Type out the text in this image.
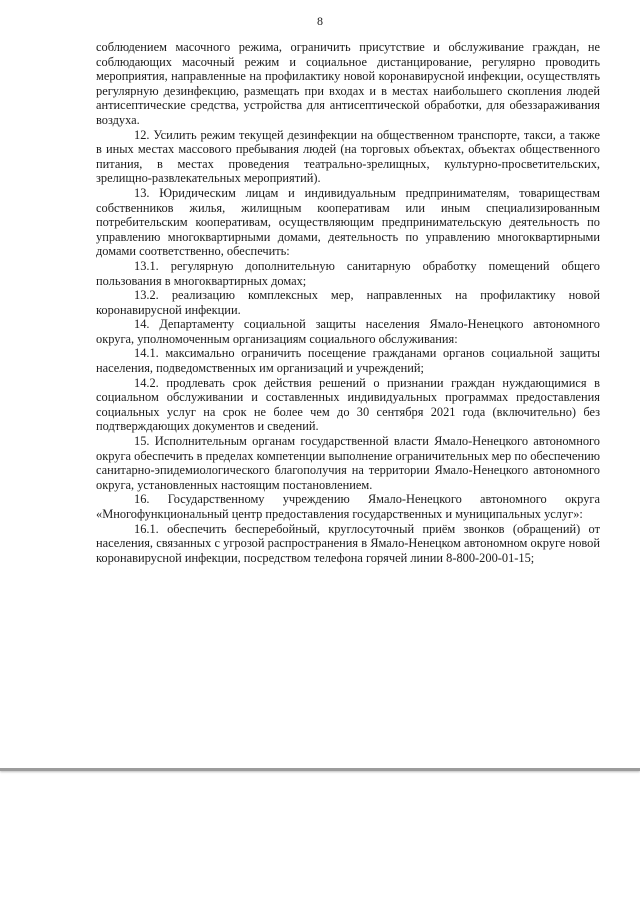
8

соблюдением масочного режима, ограничить присутствие и обслуживание граждан, не соблюдающих масочный режим и социальное дистанцирование, регулярно проводить мероприятия, направленные на профилактику новой коронавирусной инфекции, осуществлять регулярную дезинфекцию, размещать при входах и в местах наибольшего скопления людей антисептические средства, устройства для антисептической обработки, для обеззараживания воздуха.

12. Усилить режим текущей дезинфекции на общественном транспорте, такси, а также в иных местах массового пребывания людей (на торговых объектах, объектах общественного питания, в местах проведения театрально-зрелищных, культурно-просветительских, зрелищно-развлекательных мероприятий).

13. Юридическим лицам и индивидуальным предпринимателям, товариществам собственников жилья, жилищным кооперативам или иным специализированным потребительским кооперативам, осуществляющим предпринимательскую деятельность по управлению многоквартирными домами, деятельность по управлению многоквартирными домами соответственно, обеспечить:

13.1. регулярную дополнительную санитарную обработку помещений общего пользования в многоквартирных домах;

13.2. реализацию комплексных мер, направленных на профилактику новой коронавирусной инфекции.

14. Департаменту социальной защиты населения Ямало-Ненецкого автономного округа, уполномоченным организациям социального обслуживания:

14.1. максимально ограничить посещение гражданами органов социальной защиты населения, подведомственных им организаций и учреждений;

14.2. продлевать срок действия решений о признании граждан нуждающимися в социальном обслуживании и составленных индивидуальных программах предоставления социальных услуг на срок не более чем до 30 сентября 2021 года (включительно) без подтверждающих документов и сведений.

15. Исполнительным органам государственной власти Ямало-Ненецкого автономного округа обеспечить в пределах компетенции выполнение ограничительных мер по обеспечению санитарно-эпидемиологического благополучия на территории Ямало-Ненецкого автономного округа, установленных настоящим постановлением.

16. Государственному учреждению Ямало-Ненецкого автономного округа «Многофункциональный центр предоставления государственных и муниципальных услуг»:

16.1. обеспечить бесперебойный, круглосуточный приём звонков (обращений) от населения, связанных с угрозой распространения в Ямало-Ненецком автономном округе новой коронавирусной инфекции, посредством телефона горячей линии 8-800-200-01-15;
